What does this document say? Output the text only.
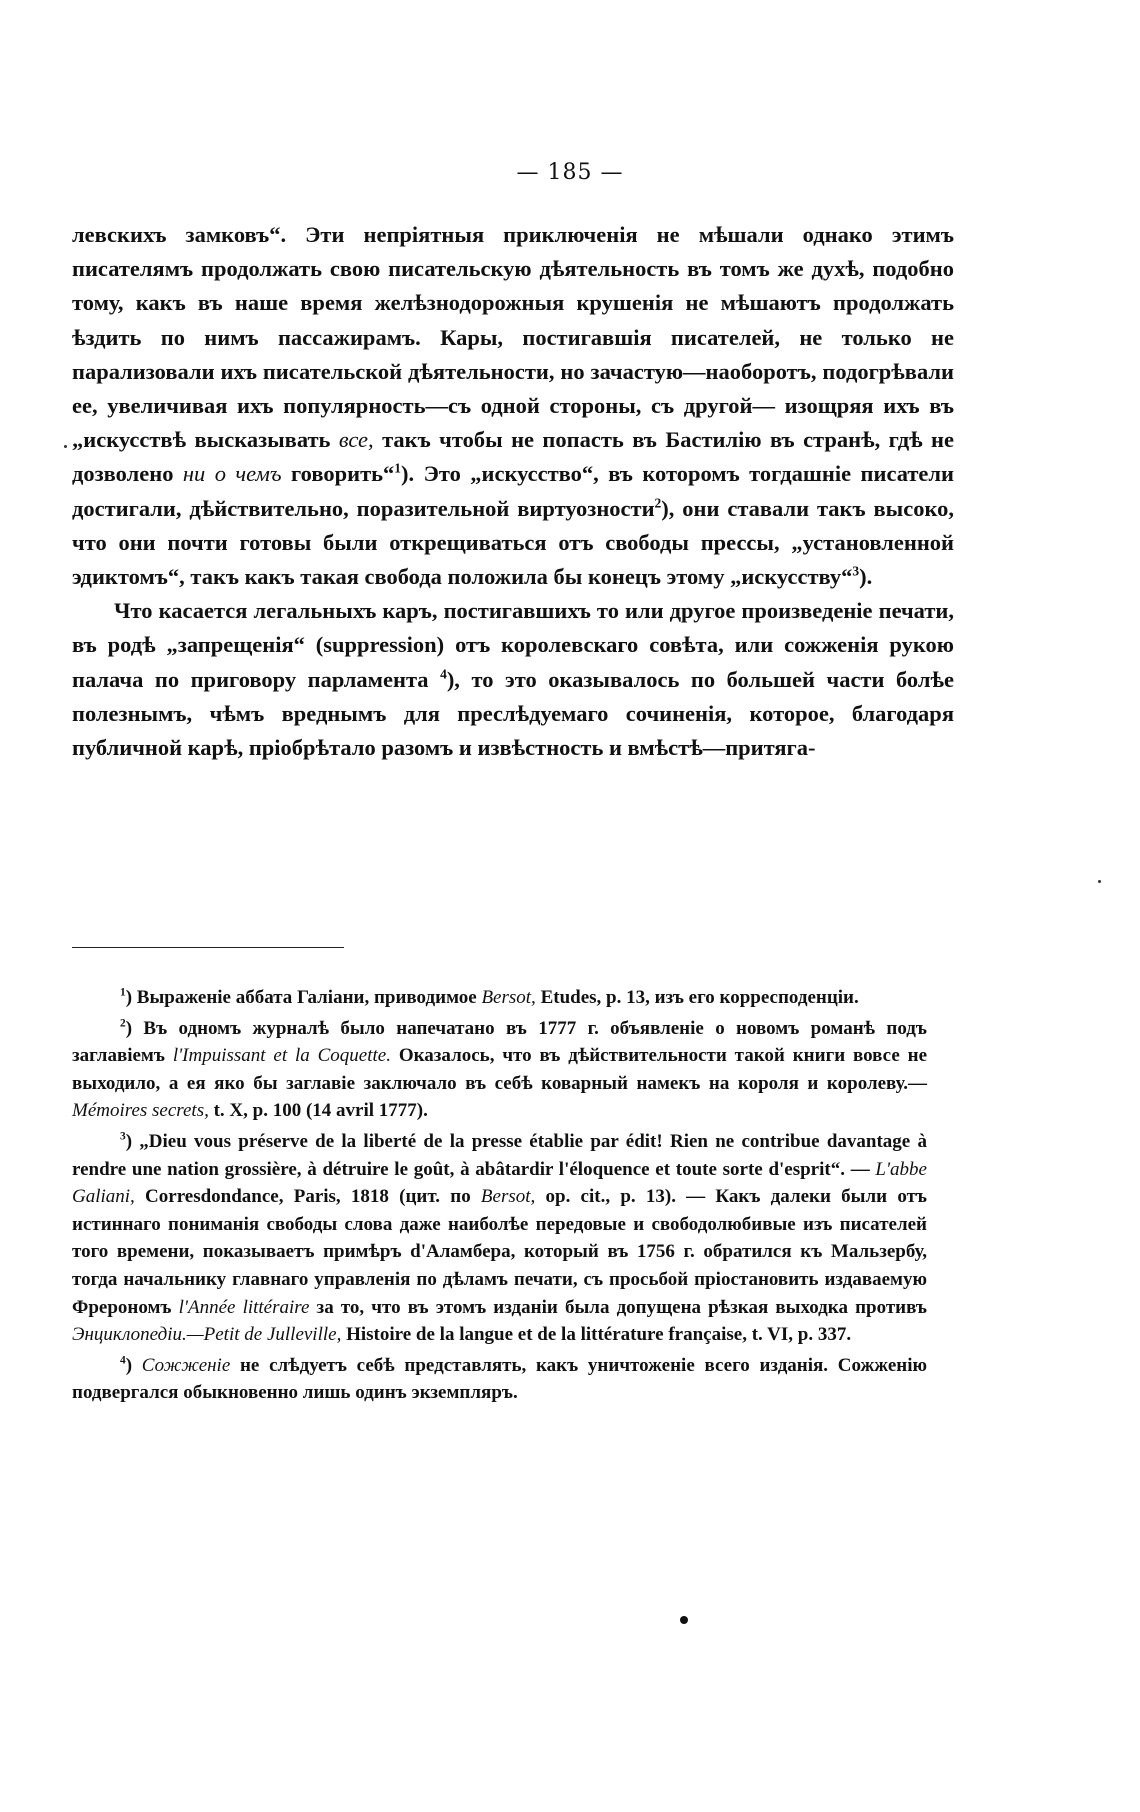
— 185 —

левскихъ замковъ“. Эти непріятныя приключенія не мѣшали однако этимъ писателямъ продолжать свою писательскую дѣятельность въ томъ же духѣ, подобно тому, какъ въ наше время желѣзнодорожныя крушенія не мѣшаютъ продолжать ѣздить по нимъ пассажирамъ. Кары, постигавшія писателей, не только не парализовали ихъ писательской дѣятельности, но зачастую—наоборотъ, подогрѣвали ее, увеличивая ихъ популярность—съ одной стороны, съ другой— изощряя ихъ въ „искусствѣ высказывать все, такъ чтобы не попасть въ Бастилію въ странѣ, гдѣ не дозволено ни о чемъ говорить“$^1$). Это „искусство“, въ которомъ тогдашніе писатели достигали, дѣйствительно, поразительной виртуозности$^2$), они ставали такъ высоко, что они почти готовы были открещиваться отъ свободы прессы, „установленной эдиктомъ“, такъ какъ такая свобода положила бы конецъ этому „искусству“$^3$).

Что касается легальныхъ каръ, постигавшихъ то или другое произведеніе печати, въ родѣ „запрещенія“ (suppression) отъ королевскаго совѣта, или сожженія рукою палача по приговору парламента $^4$), то это оказывалось по большей части болѣе полезнымъ, чѣмъ вреднымъ для преслѣдуемаго сочиненія, которое, благодаря публичной карѣ, пріобрѣтало разомъ и извѣстность и вмѣстѣ—притяга-

$^1$) Выраженіе аббата Галіани, приводимое Bersot, Etudes, p. 13, изъ его корресподенціи.

$^2$) Въ одномъ журналѣ было напечатано въ 1777 г. объявленіе о новомъ романѣ подъ заглавіемъ l'Impuissant et la Coquette. Оказалось, что въ дѣйствительности такой книги вовсе не выходило, а ея яко бы заглавіе заключало въ себѣ коварный намекъ на короля и королеву.—Mémoires secrets, t. X, p. 100 (14 avril 1777).

$^3$) „Dieu vous préserve de la liberté de la presse établie par édit! Rien ne contribue davantage à rendre une nation grossière, à détruire le goût, à abâtardir l'éloquence et toute sorte d'esprit“. — L'abbe Galiani, Corresdondance, Paris, 1818 (цит. по Bersot, op. cit., p. 13). — Какъ далеки были отъ истиннаго пониманія свободы слова даже наиболѣе передовые и свободолюбивые изъ писателей того времени, показываетъ примѣръ d'Аламбера, который въ 1756 г. обратился къ Мальзербу, тогда начальнику главнаго управленія по дѣламъ печати, съ просьбой пріостановить издаваемую Фрерономъ l'Année littéraire за то, что въ этомъ изданіи была допущена рѣзкая выходка противъ Энциклопедіи.—Petit de Julleville, Histoire de la langue et de la littérature française, t. VI, p. 337.

$^4$) Сожженіе не слѣдуетъ себѣ представлять, какъ уничтоженіе всего изданія. Сожженію подвергался обыкновенно лишь одинъ экземпляръ.
